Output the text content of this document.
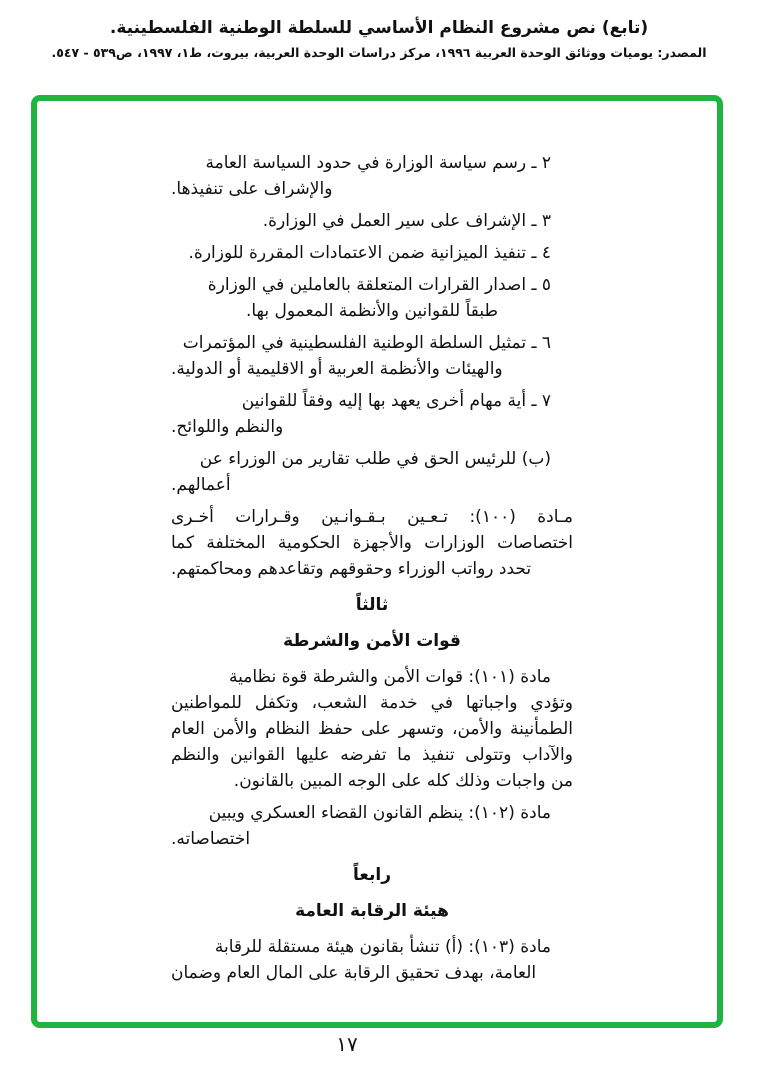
(تابع) نص مشروع النظام الأساسي للسلطة الوطنية الفلسطينية.
المصدر: يوميات ووثائق الوحدة العربية ١٩٩٦، مركز دراسات الوحدة العربية، بيروت، ط١، ١٩٩٧، ص٥٣٩ - ٥٤٧.
٢ ـ رسم سياسة الوزارة في حدود السياسة العامة
والإشراف على تنفيذها.
٣ ـ الإشراف على سير العمل في الوزارة.
٤ ـ تنفيذ الميزانية ضمن الاعتمادات المقررة للوزارة.
٥ ـ اصدار القرارات المتعلقة بالعاملين في الوزارة
طبقاً للقوانين والأنظمة المعمول بها.
٦ ـ تمثيل السلطة الوطنية الفلسطينية في المؤتمرات
والهيئات والأنظمة العربية أو الاقليمية أو الدولية.
٧ ـ أية مهام أخرى يعهد بها إليه وفقاً للقوانين
والنظم واللوائح.
(ب) للرئيس الحق في طلب تقارير من الوزراء عن
أعمالهم.
مـادة (١٠٠): تـعـين بـقـوانـين وقـرارات أخـرى
اختصاصات الوزارات والأجهزة الحكومية المختلفة كما
تحدد رواتب الوزراء وحقوقهم وتقاعدهم ومحاكمتهم.
ثالثاً
قوات الأمن والشرطة
مادة (١٠١): قوات الأمن والشرطة قوة نظامية
وتؤدي واجباتها في خدمة الشعب، وتكفل للمواطنين
الطمأنينة والأمن، وتسهر على حفظ النظام والأمن العام
والآداب وتتولى تنفيذ ما تفرضه عليها القوانين والنظم
من واجبات وذلك كله على الوجه المبين بالقانون.
مادة (١٠٢): ينظم القانون القضاء العسكري ويبين
اختصاصاته.
رابعاً
هيئة الرقابة العامة
مادة (١٠٣): (أ) تنشأ بقانون هيئة مستقلة للرقابة
العامة، بهدف تحقيق الرقابة على المال العام وضمان
١٧
